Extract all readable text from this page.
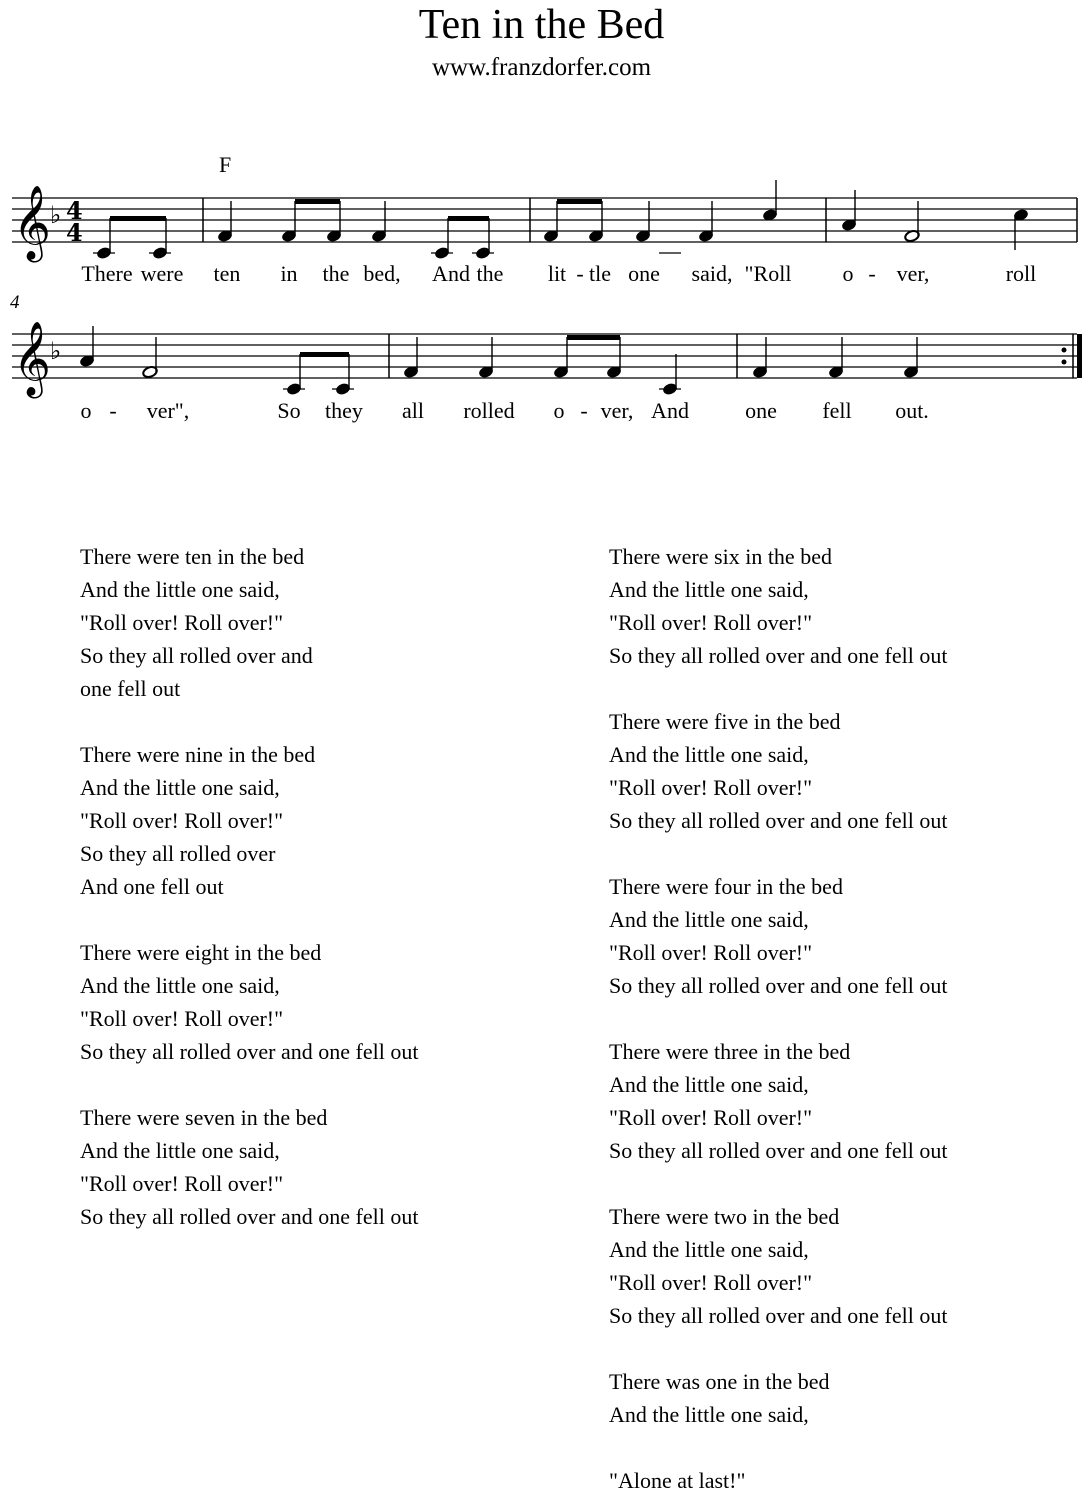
Ten in the Bed
www.franzdorfer.com
F
4
𝄞 ♭ 4
4
𝄞 ♭
There were ten in the bed, And the lit - tle one said, "Roll o - ver,	roll
o - ver",	So they all rolled o - ver, And	one fell out.
There were ten in the bed
And the little one said,
"Roll over! Roll over!"
So they all rolled over and
one fell out
There were nine in the bed
And the little one said,
"Roll over! Roll over!"
So they all rolled over
And one fell out
There were eight in the bed
And the little one said,
"Roll over! Roll over!"
So they all rolled over and one fell out
There were seven in the bed
And the little one said,
"Roll over! Roll over!"
So they all rolled over and one fell out
There were six in the bed
And the little one said,
"Roll over! Roll over!"
So they all rolled over and one fell out
There were five in the bed
And the little one said,
"Roll over! Roll over!"
So they all rolled over and one fell out
There were four in the bed
And the little one said,
"Roll over! Roll over!"
So they all rolled over and one fell out
There were three in the bed
And the little one said,
"Roll over! Roll over!"
So they all rolled over and one fell out
There were two in the bed
And the little one said,
"Roll over! Roll over!"
So they all rolled over and one fell out
There was one in the bed
And the little one said,
"Alone at last!"
